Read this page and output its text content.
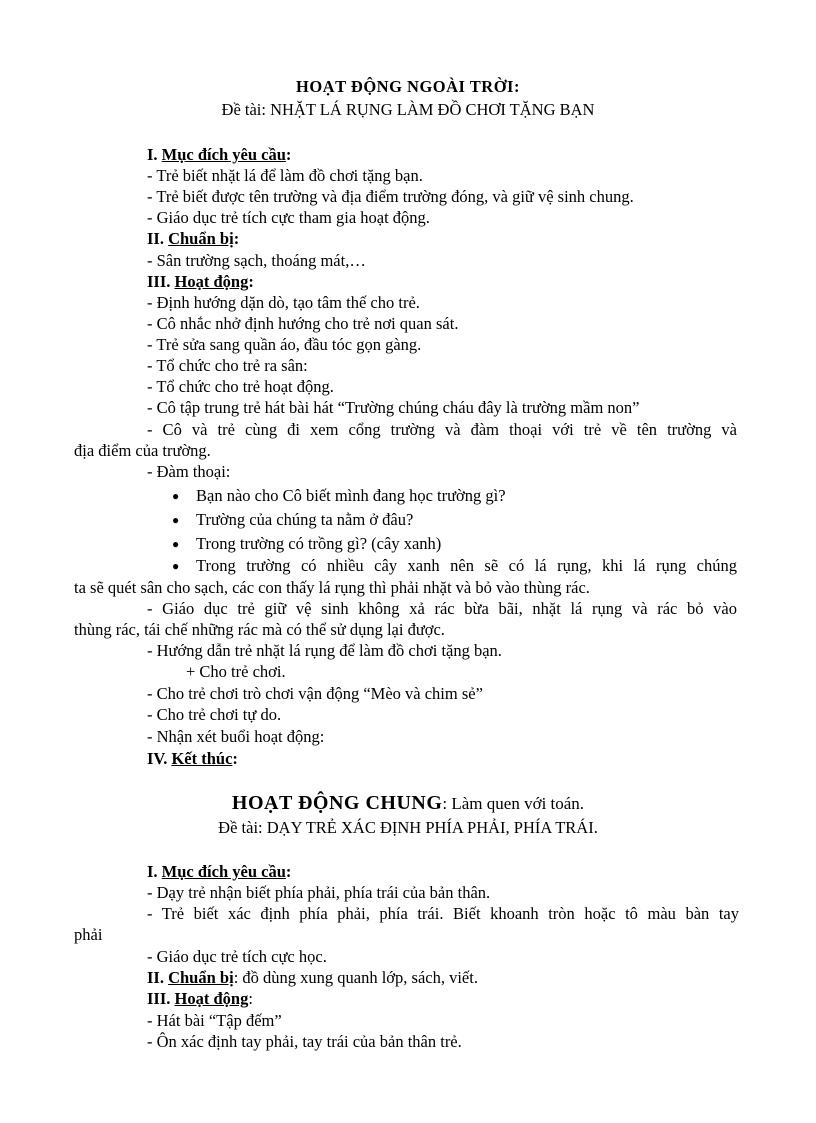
HOẠT ĐỘNG NGOÀI TRỜI:
Đề tài: NHẶT LÁ RỤNG LÀM ĐỒ CHƠI TẶNG BẠN
I. Mục đích yêu cầu:
- Trẻ biết nhặt lá để làm đồ chơi tặng bạn.
- Trẻ biết được tên trường và địa điểm trường đóng, và giữ vệ sinh chung.
- Giáo dục trẻ tích cực tham gia hoạt động.
II. Chuẩn bị:
- Sân trường sạch, thoáng mát,…
III. Hoạt động:
- Định hướng dặn dò, tạo tâm thế cho trẻ.
- Cô nhắc nhở định hướng cho trẻ nơi quan sát.
- Trẻ sửa sang quần áo, đầu tóc gọn gàng.
- Tổ chức cho trẻ ra sân:
- Tổ chức cho trẻ hoạt động.
- Cô tập trung trẻ hát bài hát “Trường chúng cháu đây là trường mầm non”
- Cô và trẻ cùng đi xem cổng trường và đàm thoại với trẻ về tên trường và
địa điểm của trường.
- Đàm thoại:
● Bạn nào cho Cô biết mình đang học trường gì?
● Trường của chúng ta nằm ở đâu?
● Trong trường có trồng gì? (cây xanh)
● Trong trường có nhiều cây xanh nên sẽ có lá rụng, khi lá rụng chúng
ta sẽ quét sân cho sạch, các con thấy lá rụng thì phải nhặt và bỏ vào thùng rác.
- Giáo dục trẻ giữ vệ sinh không xả rác bừa bãi, nhặt lá rụng và rác bỏ vào
thùng rác, tái chế những rác mà có thể sử dụng lại được.
- Hướng dẫn trẻ nhặt lá rụng để làm đồ chơi tặng bạn.
+ Cho trẻ chơi.
- Cho trẻ chơi trò chơi vận động “Mèo và chim sẻ”
- Cho trẻ chơi tự do.
- Nhận xét buổi hoạt động:
IV. Kết thúc:
HOẠT ĐỘNG CHUNG: Làm quen với toán.
Đề tài: DẠY TRẺ XÁC ĐỊNH PHÍA PHẢI, PHÍA TRÁI.
I. Mục đích yêu cầu:
- Dạy trẻ nhận biết phía phải, phía trái của bản thân.
- Trẻ biết xác định phía phải, phía trái. Biết khoanh tròn hoặc tô màu bàn tay
phải
- Giáo dục trẻ tích cực học.
II. Chuẩn bị: đồ dùng xung quanh lớp, sách, viết.
III. Hoạt động:
- Hát bài “Tập đếm”
- Ôn xác định tay phải, tay trái của bản thân trẻ.
